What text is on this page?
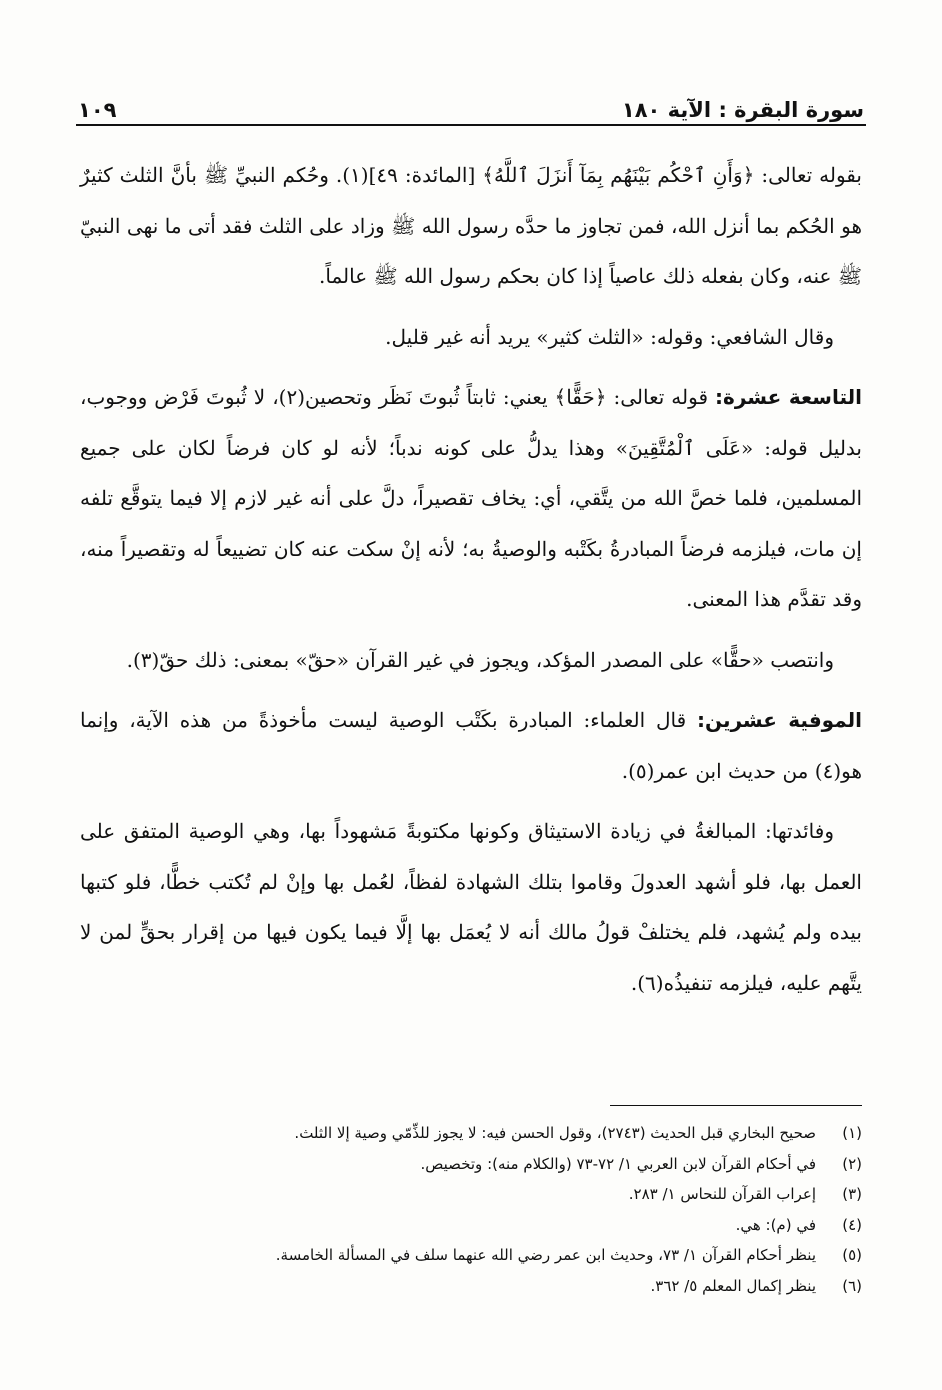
سورة البقرة : الآية ١٨٠
١٠٩

بقوله تعالى: ﴿وَأَنِ ٱحْكُم بَيْنَهُم بِمَآ أَنزَلَ ٱللَّهُ﴾ [المائدة: ٤٩](١). وحُكم النبيِّ ﷺ بأنَّ الثلث كثيرٌ هو الحُكم بما أنزل الله، فمن تجاوز ما حدَّه رسول الله ﷺ وزاد على الثلث فقد أتى ما نهى النبيّ ﷺ عنه، وكان بفعله ذلك عاصياً إذا كان بحكم رسول الله ﷺ عالماً.

وقال الشافعي: وقوله: «الثلث كثير» يريد أنه غير قليل.

التاسعة عشرة: قوله تعالى: ﴿حَقًّا﴾ يعني: ثابتاً ثُبوتَ نَظَر وتحصين(٢)، لا ثُبوتَ فَرْض ووجوب، بدليل قوله: «عَلَى ٱلْمُتَّقِينَ» وهذا يدلُّ على كونه ندباً؛ لأنه لو كان فرضاً لكان على جميع المسلمين، فلما خصَّ الله من يتَّقي، أي: يخاف تقصيراً، دلَّ على أنه غير لازم إلا فيما يتوقَّع تلفه إن مات، فيلزمه فرضاً المبادرةُ بكَتْبه والوصيةُ به؛ لأنه إنْ سكت عنه كان تضييعاً له وتقصيراً منه، وقد تقدَّم هذا المعنى.

وانتصب «حقًّا» على المصدر المؤكد، ويجوز في غير القرآن «حقّ» بمعنى: ذلك حقّ(٣).

الموفية عشرين: قال العلماء: المبادرة بكَتْب الوصية ليست مأخوذةً من هذه الآية، وإنما هو(٤) من حديث ابن عمر(٥).

وفائدتها: المبالغةُ في زيادة الاستيثاق وكونها مكتوبةً مَشهوداً بها، وهي الوصية المتفق على العمل بها، فلو أشهد العدولَ وقاموا بتلك الشهادة لفظاً، لعُمل بها وإنْ لم تُكتب خطًّا، فلو كتبها بيده ولم يُشهد، فلم يختلفْ قولُ مالك أنه لا يُعمَل بها إلَّا فيما يكون فيها من إقرار بحقٍّ لمن لا يتَّهم عليه، فيلزمه تنفيذُه(٦).

(١)
صحيح البخاري قبل الحديث (٢٧٤٣)، وقول الحسن فيه: لا يجوز للذِّمّي وصية إلا الثلث.
(٢)
في أحكام القرآن لابن العربي ١/ ٧٢-٧٣ (والكلام منه): وتخصيص.
(٣)
إعراب القرآن للنحاس ١/ ٢٨٣.
(٤)
في (م): هي.
(٥)
ينظر أحكام القرآن ١/ ٧٣، وحديث ابن عمر رضي الله عنهما سلف في المسألة الخامسة.
(٦)
ينظر إكمال المعلم ٥/ ٣٦٢.
